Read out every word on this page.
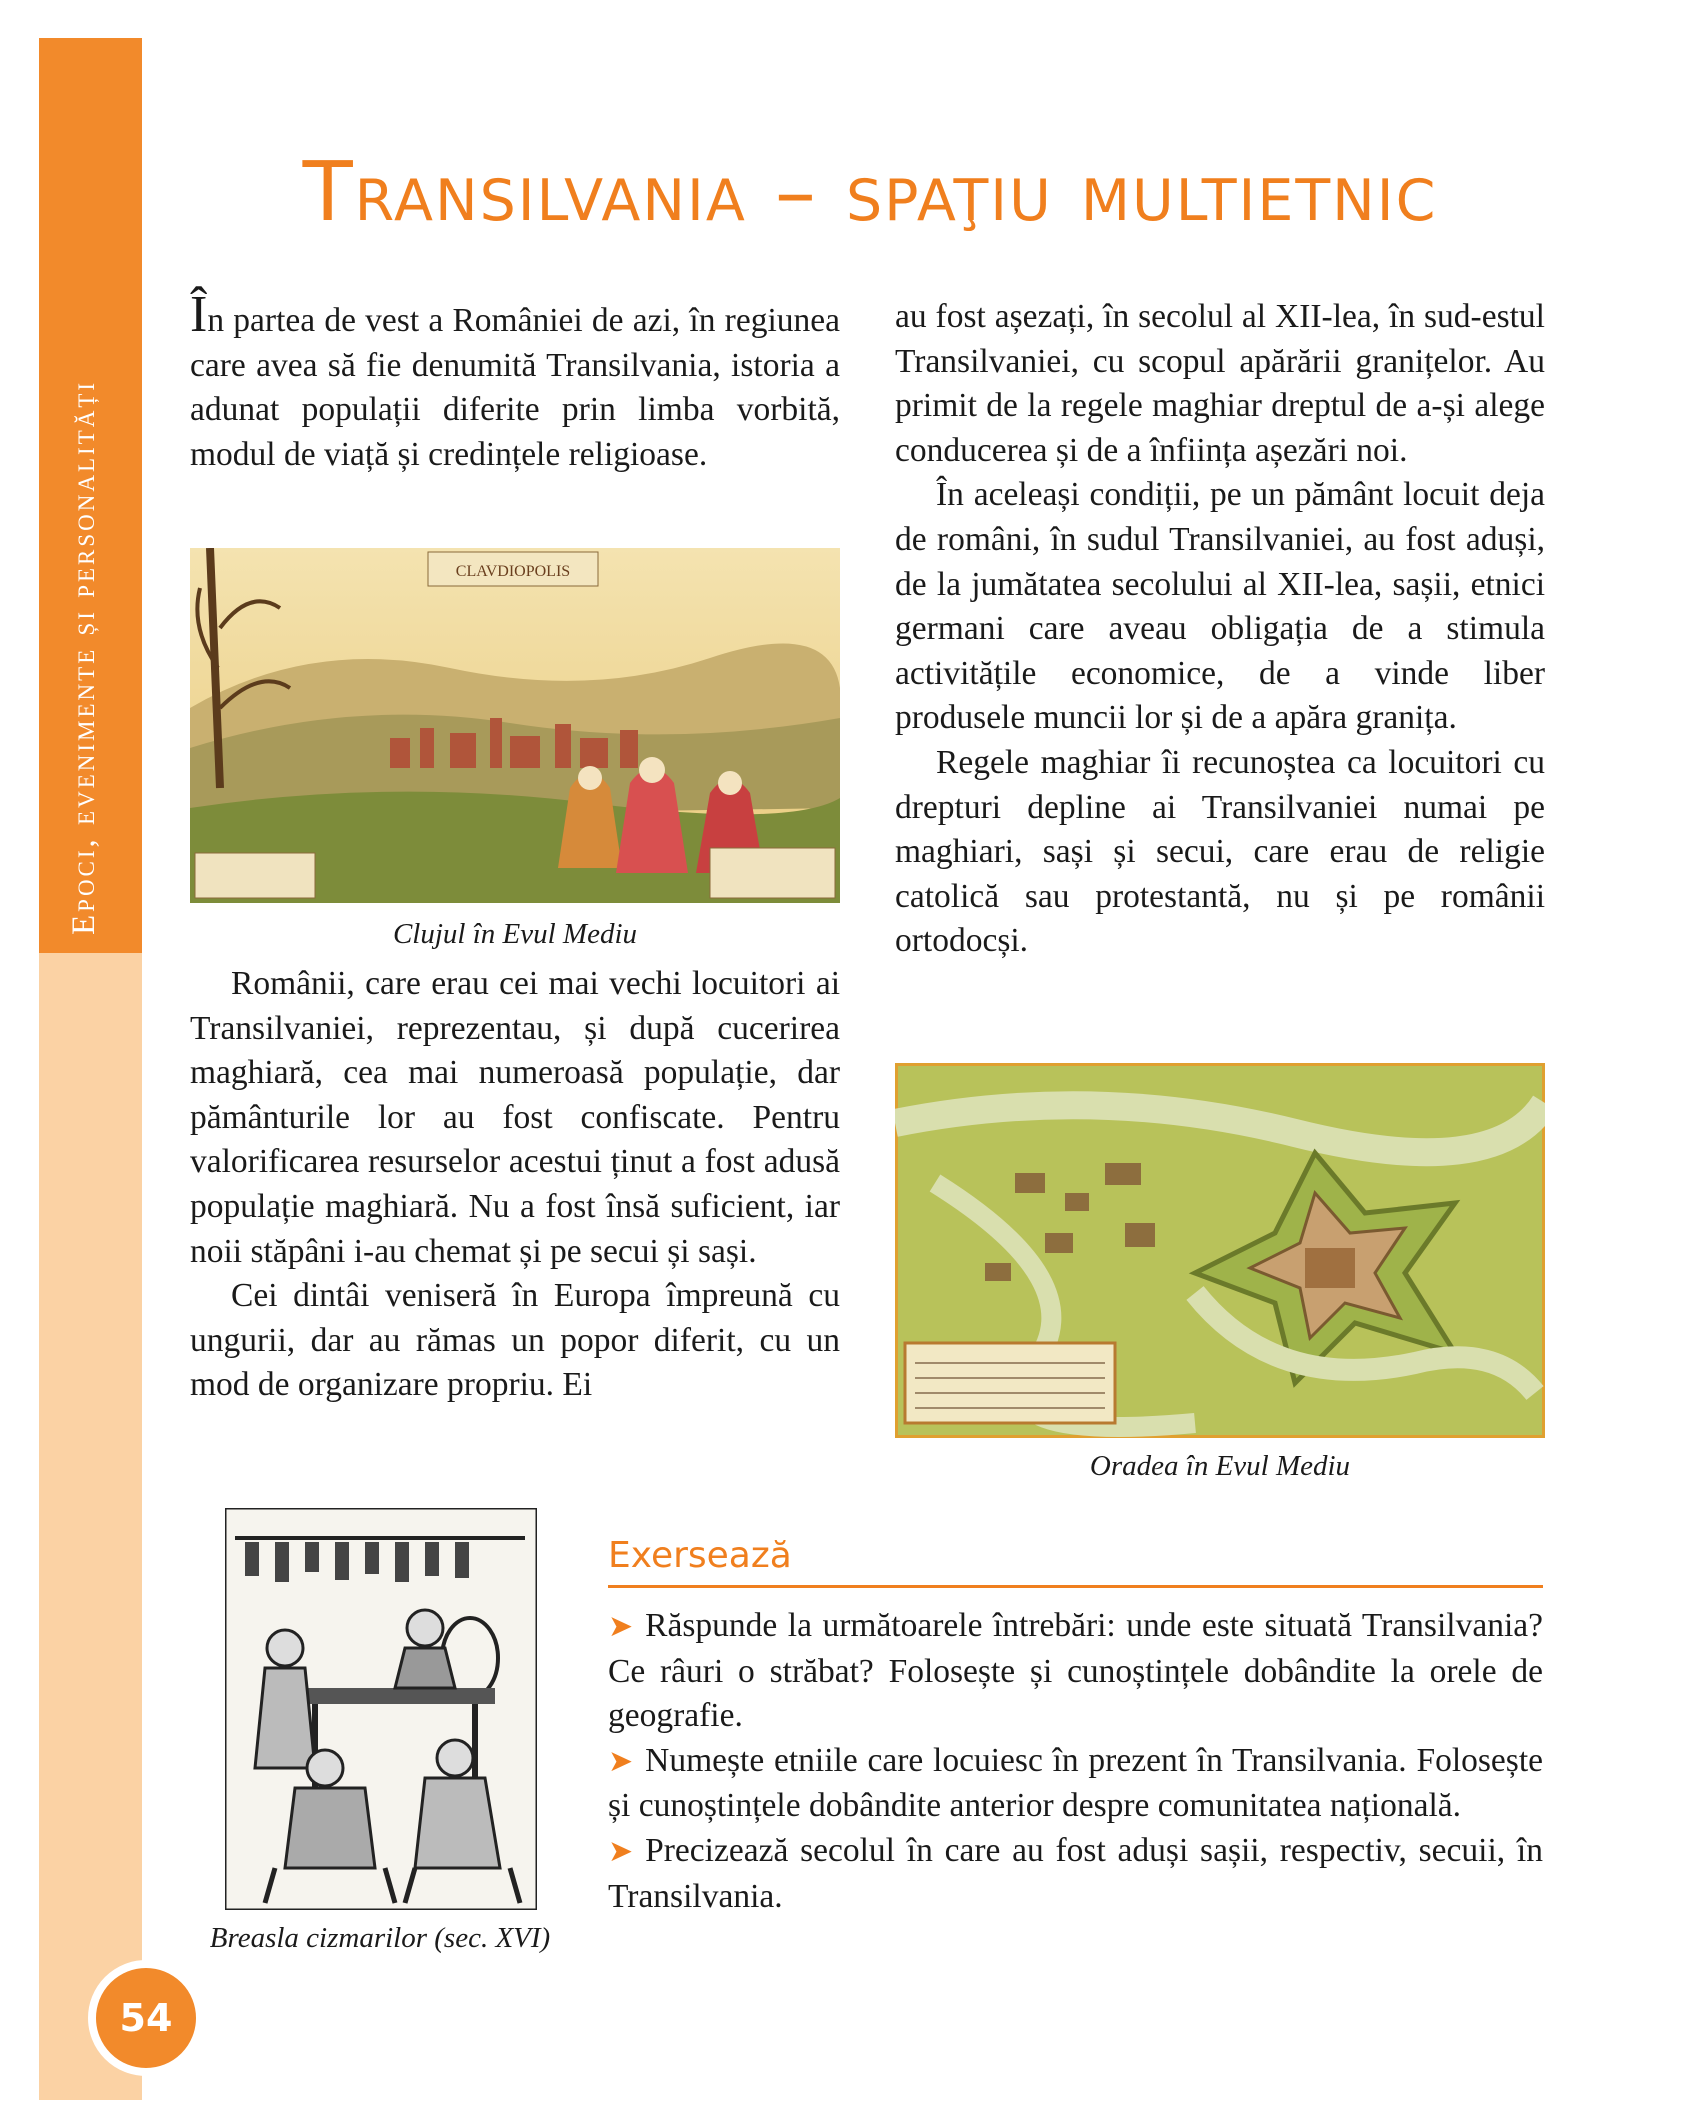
Epoci, evenimente și personalități
54
Transilvania – spaţiu multietnic

În partea de vest a României de azi, în regiunea care avea să fie denumită Transilvania, istoria a adunat populații diferite prin limba vorbită, modul de viață și credințele religioase.

CLAVDIOPOLIS
Clujul în Evul Mediu

Românii, care erau cei mai vechi locuitori ai Transilvaniei, reprezentau, și după cucerirea maghiară, cea mai numeroasă populație, dar pământurile lor au fost confiscate. Pentru valorificarea resurselor acestui ținut a fost adusă populație maghiară. Nu a fost însă suficient, iar noii stăpâni i-au chemat și pe secui și sași.

Cei dintâi veniseră în Europa împreună cu ungurii, dar au rămas un popor diferit, cu un mod de organizare propriu. Ei

au fost așezați, în secolul al XII-lea, în sud-estul Transilvaniei, cu scopul apărării granițelor. Au primit de la regele maghiar dreptul de a-și alege conducerea și de a înființa așezări noi.

În aceleași condiții, pe un pământ locuit deja de români, în sudul Transilvaniei, au fost aduși, de la jumătatea secolului al XII-lea, sașii, etnici germani care aveau obligația de a stimula activitățile economice, de a vinde liber produsele muncii lor și de a apăra granița.

Regele maghiar îi recunoștea ca locuitori cu drepturi depline ai Transilvaniei numai pe maghiari, sași și secui, care erau de religie catolică sau protestantă, nu și pe românii ortodocși.

Oradea în Evul Mediu
Breasla cizmarilor (sec. XVI)
Exersează

➤ Răspunde la următoarele întrebări: unde este situată Transilvania? Ce râuri o străbat? Folosește și cunoștințele dobândite la orele de geografie.

➤ Numește etniile care locuiesc în prezent în Transilvania. Folosește și cunoștințele dobândite anterior despre comunitatea națională.

➤ Precizează secolul în care au fost aduși sașii, respectiv, secuii, în Transilvania.
